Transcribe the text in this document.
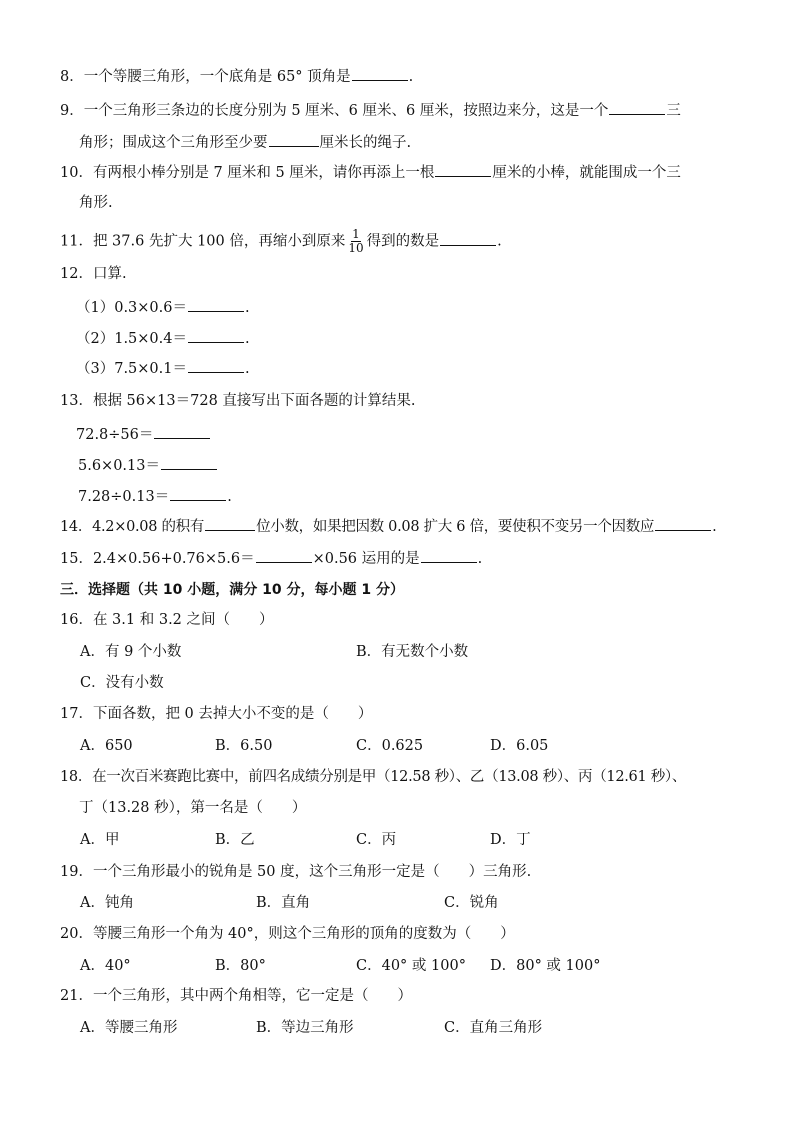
8．一个等腰三角形，一个底角是 65° 顶角是	.
9．一个三角形三条边的长度分别为 5 厘米、6 厘米、6 厘米，按照边来分，这是一个	三
角形；围成这个三角形至少要	厘米长的绳子.
10．有两根小棒分别是 7 厘米和 5 厘米，请你再添上一根	厘米的小棒，就能围成一个三
角形.
11．把 37.6 先扩大 100 倍，再缩小到原来 $\frac{1}{10}$ 得到的数是	.
12．口算.
（1）0.3×0.6＝	.
（2）1.5×0.4＝	.
（3）7.5×0.1＝	.
13．根据 56×13＝728 直接写出下面各题的计算结果.
72.8÷56＝
5.6×0.13＝
7.28÷0.13＝	.
14．4.2×0.08 的积有	位小数，如果把因数 0.08 扩大 6 倍，要使积不变另一个因数应	.
15．2.4×0.56+0.76×5.6＝	×0.56 运用的是	.
三．选择题（共 10 小题，满分 10 分，每小题 1 分）
16．在 3.1 和 3.2 之间（　　）
A．有 9 个小数	B．有无数个小数
C．没有小数
17．下面各数，把 0 去掉大小不变的是（　　）
A．650	B．6.50	C．0.625	D．6.05
18．在一次百米赛跑比赛中，前四名成绩分别是甲（12.58 秒）、乙（13.08 秒）、丙（12.61 秒）、
丁（13.28 秒），第一名是（　　）
A．甲	B．乙	C．丙	D．丁
19．一个三角形最小的锐角是 50 度，这个三角形一定是（　　）三角形.
A．钝角	B．直角	C．锐角
20．等腰三角形一个角为 40°，则这个三角形的顶角的度数为（　　）
A．40°	B．80°	C．40° 或 100° D．80° 或 100°
21．一个三角形，其中两个角相等，它一定是（　　）
A．等腰三角形	B．等边三角形	C．直角三角形
